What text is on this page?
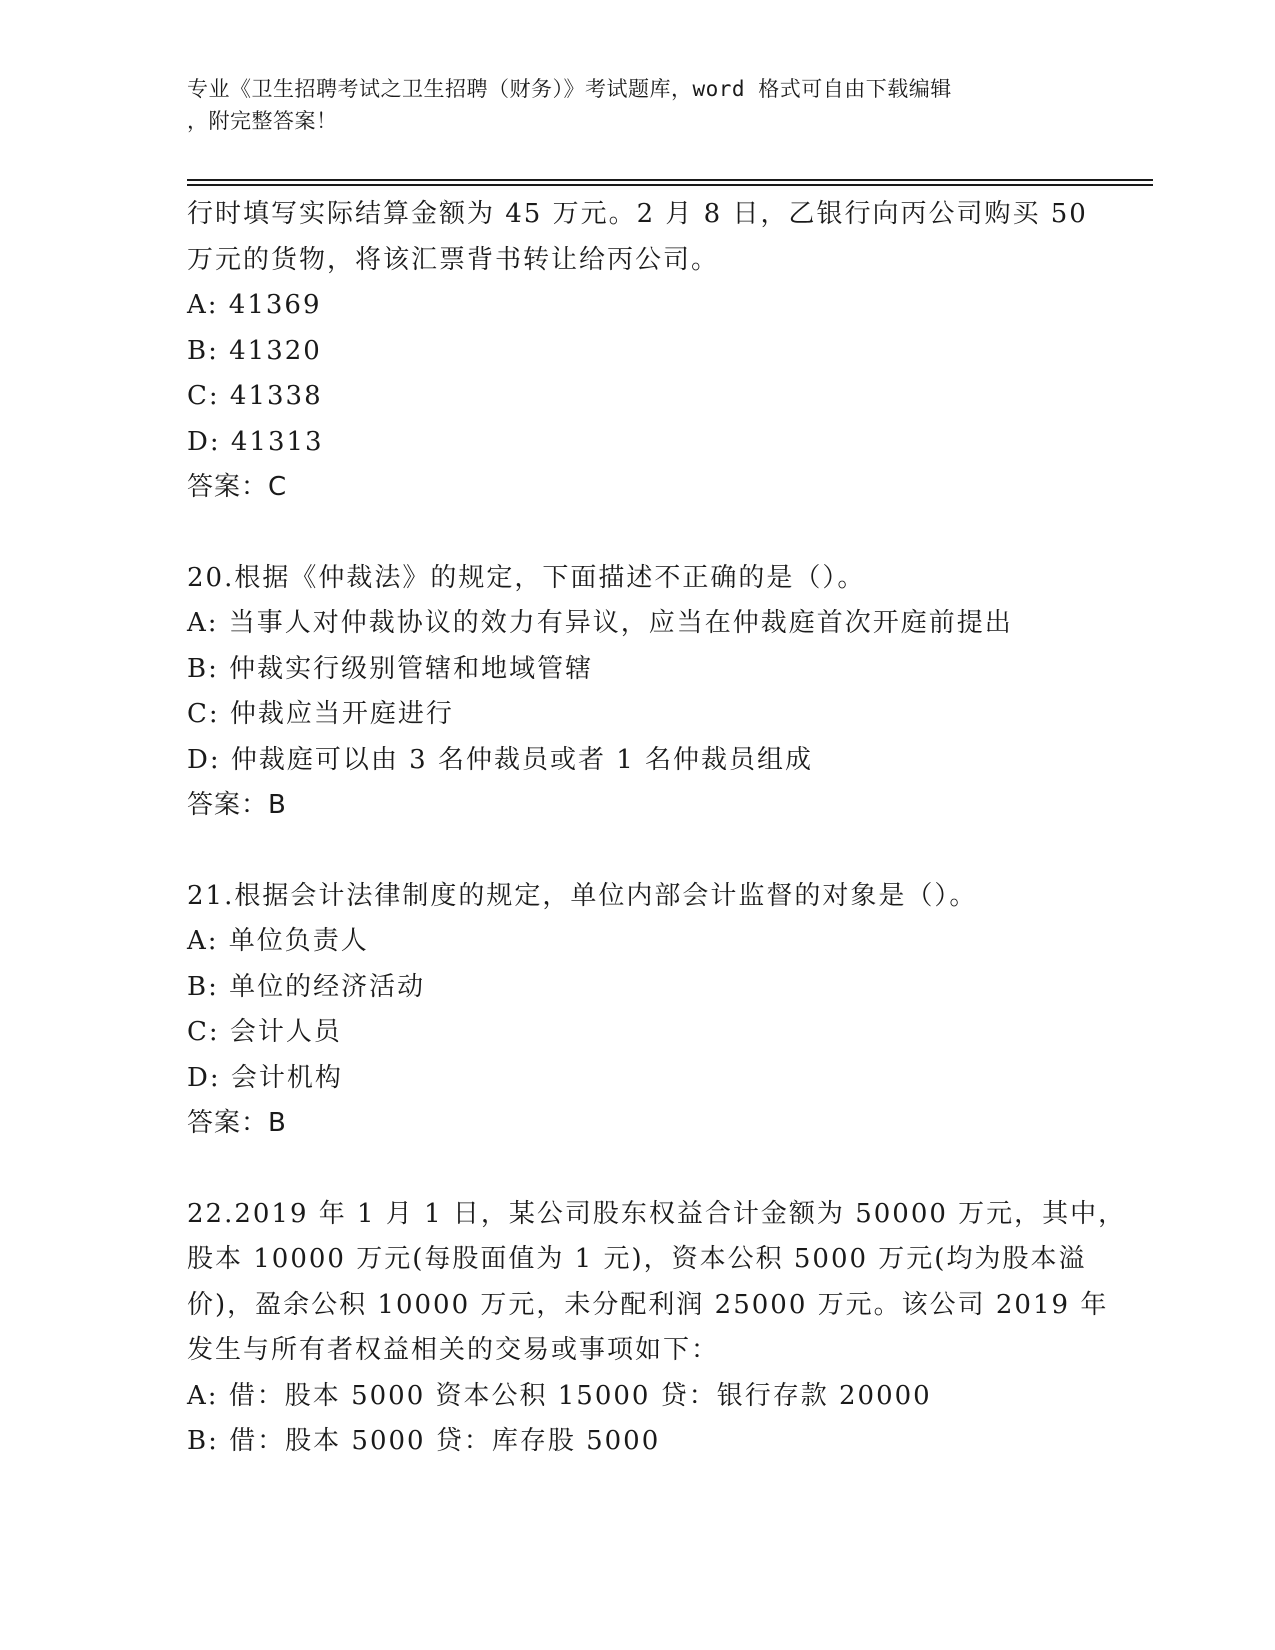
专业《卫生招聘考试之卫生招聘（财务）》考试题库，word 格式可自由下载编辑
，附完整答案！
行时填写实际结算金额为 45 万元。2 月 8 日，乙银行向丙公司购买 50
万元的货物，将该汇票背书转让给丙公司。
A: 41369
B: 41320
C: 41338
D: 41313
答案：C
20.根据《仲裁法》的规定，下面描述不正确的是（）。
A: 当事人对仲裁协议的效力有异议，应当在仲裁庭首次开庭前提出
B: 仲裁实行级别管辖和地域管辖
C: 仲裁应当开庭进行
D: 仲裁庭可以由 3 名仲裁员或者 1 名仲裁员组成
答案：B
21.根据会计法律制度的规定，单位内部会计监督的对象是（）。
A: 单位负责人
B: 单位的经济活动
C: 会计人员
D: 会计机构
答案：B
22.2019 年 1 月 1 日，某公司股东权益合计金额为 50000 万元，其中，
股本 10000 万元(每股面值为 1 元)，资本公积 5000 万元(均为股本溢
价)，盈余公积 10000 万元，未分配利润 25000 万元。该公司 2019 年
发生与所有者权益相关的交易或事项如下：
A: 借：股本 5000 资本公积 15000 贷：银行存款 20000
B: 借：股本 5000 贷：库存股 5000
